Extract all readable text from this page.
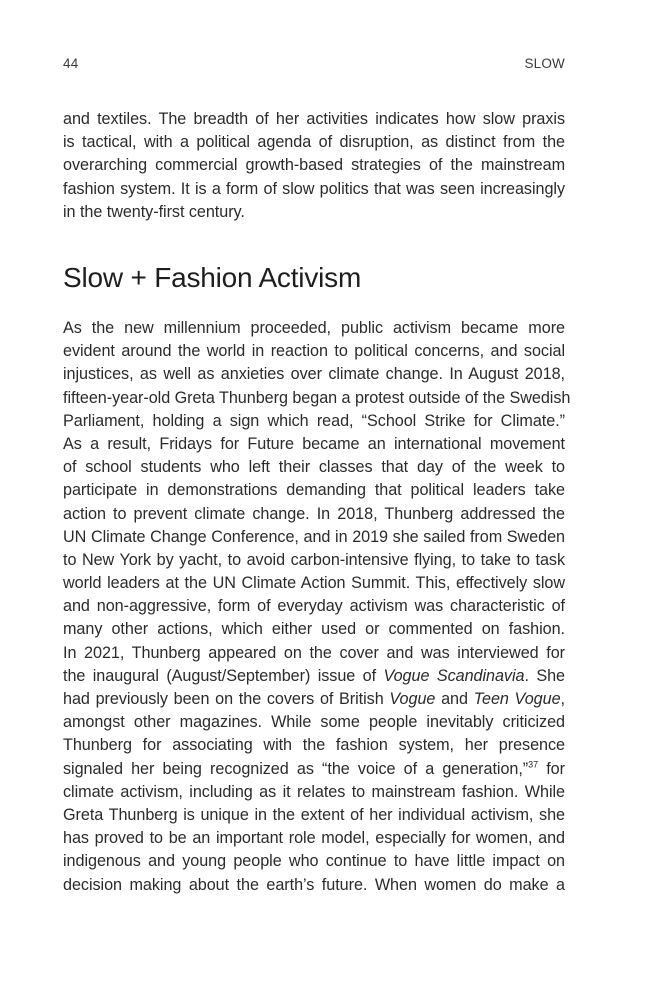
44	SLOW

and textiles. The breadth of her activities indicates how slow praxis
is tactical, with a political agenda of disruption, as distinct from the
overarching commercial growth-based strategies of the mainstream
fashion system. It is a form of slow politics that was seen increasingly
in the twenty-first century.

Slow + Fashion Activism

As the new millennium proceeded, public activism became more
evident around the world in reaction to political concerns, and social
injustices, as well as anxieties over climate change. In August 2018,
fifteen-year-old Greta Thunberg began a protest outside of the Swedish
Parliament, holding a sign which read, “School Strike for Climate.”
As a result, Fridays for Future became an international movement
of school students who left their classes that day of the week to
participate in demonstrations demanding that political leaders take
action to prevent climate change. In 2018, Thunberg addressed the
UN Climate Change Conference, and in 2019 she sailed from Sweden
to New York by yacht, to avoid carbon-intensive flying, to take to task
world leaders at the UN Climate Action Summit. This, effectively slow
and non-aggressive, form of everyday activism was characteristic of
many other actions, which either used or commented on fashion.
In 2021, Thunberg appeared on the cover and was interviewed for
the inaugural (August/September) issue of Vogue Scandinavia. She
had previously been on the covers of British Vogue and Teen Vogue,
amongst other magazines. While some people inevitably criticized
Thunberg for associating with the fashion system, her presence
signaled her being recognized as “the voice of a generation,”$^{37}$ for
climate activism, including as it relates to mainstream fashion. While
Greta Thunberg is unique in the extent of her individual activism, she
has proved to be an important role model, especially for women, and
indigenous and young people who continue to have little impact on
decision making about the earth’s future. When women do make a
